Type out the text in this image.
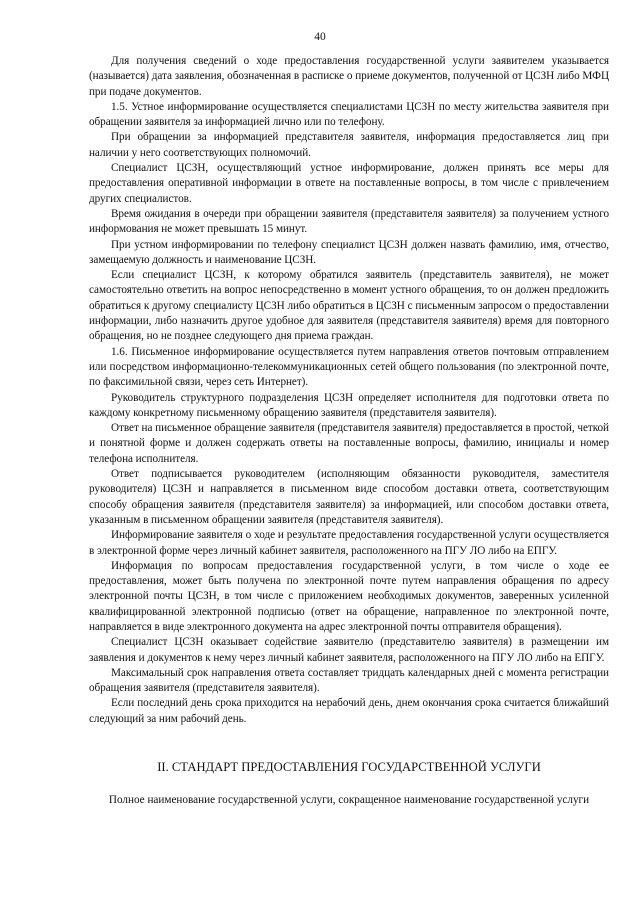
40

Для получения сведений о ходе предоставления государственной услуги заявителем указывается (называется) дата заявления, обозначенная в расписке о приеме документов, полученной от ЦСЗН либо МФЦ при подаче документов.

1.5. Устное информирование осуществляется специалистами ЦСЗН по месту жительства заявителя при обращении заявителя за информацией лично или по телефону.

При обращении за информацией представителя заявителя, информация предоставляется лиц при наличии у него соответствующих полномочий.

Специалист ЦСЗН, осуществляющий устное информирование, должен принять все меры для предоставления оперативной информации в ответе на поставленные вопросы, в том числе с привлечением других специалистов.

Время ожидания в очереди при обращении заявителя (представителя заявителя) за получением устного информования не может превышать 15 минут.

При устном информировании по телефону специалист ЦСЗН должен назвать фамилию, имя, отчество, замещаемую должность и наименование ЦСЗН.

Если специалист ЦСЗН, к которому обратился заявитель (представитель заявителя), не может самостоятельно ответить на вопрос непосредственно в момент устного обращения, то он должен предложить обратиться к другому специалисту ЦСЗН либо обратиться в ЦСЗН с письменным запросом о предоставлении информации, либо назначить другое удобное для заявителя (представителя заявителя) время для повторного обращения, но не позднее следующего дня приема граждан.

1.6. Письменное информирование осуществляется путем направления ответов почтовым отправлением или посредством информационно-телекоммуникационных сетей общего пользования (по электронной почте, по факсимильной связи, через сеть Интернет).

Руководитель структурного подразделения ЦСЗН определяет исполнителя для подготовки ответа по каждому конкретному письменному обращению заявителя (представителя заявителя).

Ответ на письменное обращение заявителя (представителя заявителя) предоставляется в простой, четкой и понятной форме и должен содержать ответы на поставленные вопросы, фамилию, инициалы и номер телефона исполнителя.

Ответ подписывается руководителем (исполняющим обязанности руководителя, заместителя руководителя) ЦСЗН и направляется в письменном виде способом доставки ответа, соответствующим способу обращения заявителя (представителя заявителя) за информацией, или способом доставки ответа, указанным в письменном обращении заявителя (представителя заявителя).

Информирование заявителя о ходе и результате предоставления государственной услуги осуществляется в электронной форме через личный кабинет заявителя, расположенного на ПГУ ЛО либо на ЕПГУ.

Информация по вопросам предоставления государственной услуги, в том числе о ходе ее предоставления, может быть получена по электронной почте путем направления обращения по адресу электронной почты ЦСЗН, в том числе с приложением необходимых документов, заверенных усиленной квалифицированной электронной подписью (ответ на обращение, направленное по электронной почте, направляется в виде электронного документа на адрес электронной почты отправителя обращения).

Специалист ЦСЗН оказывает содействие заявителю (представителю заявителя) в размещении им заявления и документов к нему через личный кабинет заявителя, расположенного на ПГУ ЛО либо на ЕПГУ.

Максимальный срок направления ответа составляет тридцать календарных дней с момента регистрации обращения заявителя (представителя заявителя).

Если последний день срока приходится на нерабочий день, днем окончания срока считается ближайший следующий за ним рабочий день.

II. СТАНДАРТ ПРЕДОСТАВЛЕНИЯ ГОСУДАРСТВЕННОЙ УСЛУГИ
Полное наименование государственной услуги, сокращенное наименование государственной услуги
